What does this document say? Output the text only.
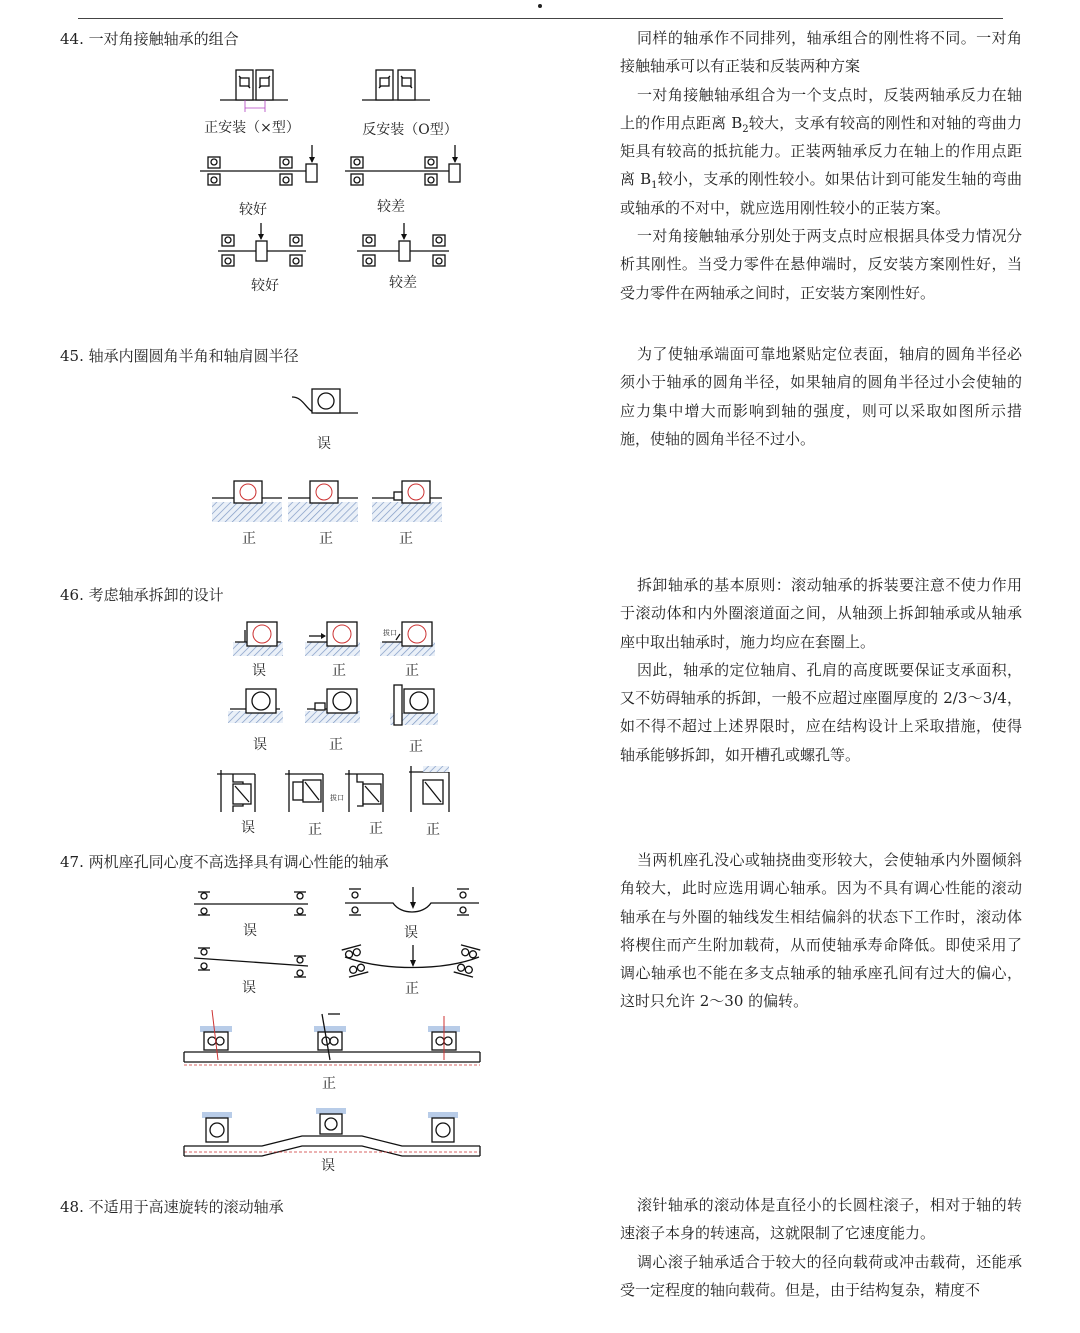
44. 一对角接触轴承的组合
正安装（×型）	反安装（O型）
较好	较差
较好	较差
同样的轴承作不同排列，轴承组合的刚性将不同。一对角接触轴承可以有正装和反装两种方案
一对角接触轴承组合为一个支点时，反装两轴承反力在轴上的作用点距离 $B_2$较大，支承有较高的刚性和对轴的弯曲力矩具有较高的抵抗能力。正装两轴承反力在轴上的作用点距离 $B_1$较小，支承的刚性较小。如果估计到可能发生轴的弯曲或轴承的不对中，就应选用刚性较小的正装方案。
一对角接触轴承分别处于两支点时应根据具体受力情况分析其刚性。当受力零件在悬伸端时，反安装方案刚性好，当受力零件在两轴承之间时，正安装方案刚性好。
45. 轴承内圈圆角半角和轴肩圆半径
误
正	正	正
为了使轴承端面可靠地紧贴定位表面，轴肩的圆角半径必须小于轴承的圆角半径，如果轴肩的圆角半径过小会使轴的应力集中增大而影响到轴的强度，则可以采取如图所示措施，使轴的圆角半径不过小。
46. 考虑轴承拆卸的设计
拔口
误	正	正
误	正	正
拔口
误	正	正	正
拆卸轴承的基本原则：滚动轴承的拆装要注意不使力作用于滚动体和内外圈滚道面之间，从轴颈上拆卸轴承或从轴承座中取出轴承时，施力均应在套圈上。
因此，轴承的定位轴肩、孔肩的高度既要保证支承面积，又不妨碍轴承的拆卸，一般不应超过座圈厚度的 2/3～3/4，如不得不超过上述界限时，应在结构设计上采取措施，使得轴承能够拆卸，如开槽孔或螺孔等。
47. 两机座孔同心度不高选择具有调心性能的轴承
误	误
误	正
正
误
当两机座孔没心或轴挠曲变形较大，会使轴承内外圈倾斜角较大，此时应选用调心轴承。因为不具有调心性能的滚动轴承在与外圈的轴线发生相结偏斜的状态下工作时，滚动体将楔住而产生附加载荷，从而使轴承寿命降低。即使采用了调心轴承也不能在多支点轴承的轴承座孔间有过大的偏心，这时只允许 2～30 的偏转。
48. 不适用于高速旋转的滚动轴承	滚针轴承的滚动体是直径小的长圆柱滚子，相对于轴的转速滚子本身的转速高，这就限制了它速度能力。
调心滚子轴承适合于较大的径向载荷或冲击载荷，还能承受一定程度的轴向载荷。但是，由于结构复杂，精度不
